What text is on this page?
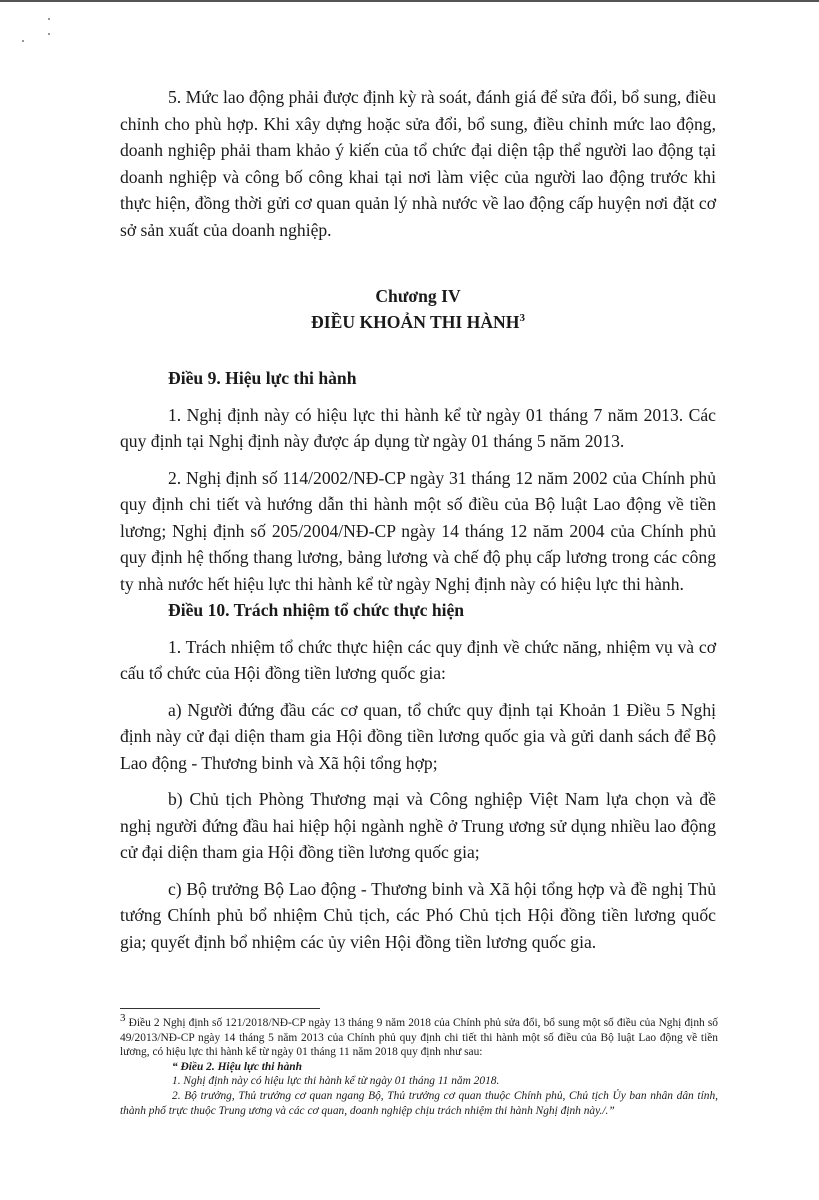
5. Mức lao động phải được định kỳ rà soát, đánh giá để sửa đổi, bổ sung, điều chỉnh cho phù hợp. Khi xây dựng hoặc sửa đổi, bổ sung, điều chỉnh mức lao động, doanh nghiệp phải tham khảo ý kiến của tổ chức đại diện tập thể người lao động tại doanh nghiệp và công bố công khai tại nơi làm việc của người lao động trước khi thực hiện, đồng thời gửi cơ quan quản lý nhà nước về lao động cấp huyện nơi đặt cơ sở sản xuất của doanh nghiệp.

Chương IV

ĐIỀU KHOẢN THI HÀNH$^3$

Điều 9. Hiệu lực thi hành

1. Nghị định này có hiệu lực thi hành kể từ ngày 01 tháng 7 năm 2013. Các quy định tại Nghị định này được áp dụng từ ngày 01 tháng 5 năm 2013.

2. Nghị định số 114/2002/NĐ-CP ngày 31 tháng 12 năm 2002 của Chính phủ quy định chi tiết và hướng dẫn thi hành một số điều của Bộ luật Lao động về tiền lương; Nghị định số 205/2004/NĐ-CP ngày 14 tháng 12 năm 2004 của Chính phủ quy định hệ thống thang lương, bảng lương và chế độ phụ cấp lương trong các công ty nhà nước hết hiệu lực thi hành kể từ ngày Nghị định này có hiệu lực thi hành.

Điều 10. Trách nhiệm tổ chức thực hiện

1. Trách nhiệm tổ chức thực hiện các quy định về chức năng, nhiệm vụ và cơ cấu tổ chức của Hội đồng tiền lương quốc gia:

a) Người đứng đầu các cơ quan, tổ chức quy định tại Khoản 1 Điều 5 Nghị định này cử đại diện tham gia Hội đồng tiền lương quốc gia và gửi danh sách để Bộ Lao động - Thương binh và Xã hội tổng hợp;

b) Chủ tịch Phòng Thương mại và Công nghiệp Việt Nam lựa chọn và đề nghị người đứng đầu hai hiệp hội ngành nghề ở Trung ương sử dụng nhiều lao động cử đại diện tham gia Hội đồng tiền lương quốc gia;

c) Bộ trưởng Bộ Lao động - Thương binh và Xã hội tổng hợp và đề nghị Thủ tướng Chính phủ bổ nhiệm Chủ tịch, các Phó Chủ tịch Hội đồng tiền lương quốc gia; quyết định bổ nhiệm các ủy viên Hội đồng tiền lương quốc gia.

$^3$ Điều 2 Nghị định số 121/2018/NĐ-CP ngày 13 tháng 9 năm 2018 của Chính phủ sửa đổi, bổ sung một số điều của Nghị định số 49/2013/NĐ-CP ngày 14 tháng 5 năm 2013 của Chính phủ quy định chi tiết thi hành một số điều của Bộ luật Lao động về tiền lương, có hiệu lực thi hành kể từ ngày 01 tháng 11 năm 2018 quy định như sau:

“ Điều 2. Hiệu lực thi hành

1. Nghị định này có hiệu lực thi hành kể từ ngày 01 tháng 11 năm 2018.

2. Bộ trưởng, Thủ trưởng cơ quan ngang Bộ, Thủ trưởng cơ quan thuộc Chính phủ, Chủ tịch Ủy ban nhân dân tỉnh, thành phố trực thuộc Trung ương và các cơ quan, doanh nghiệp chịu trách nhiệm thi hành Nghị định này./.”
